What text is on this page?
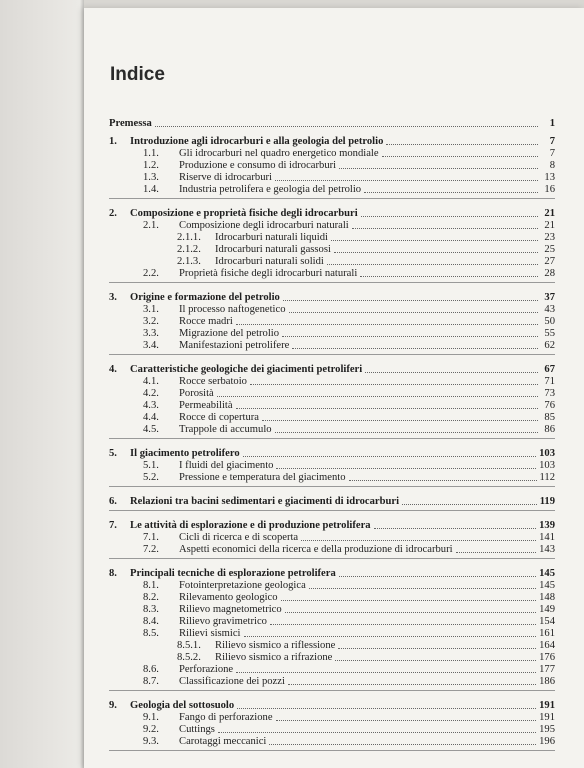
Indice
Premessa	1
1.	Introduzione agli idrocarburi e alla geologia del petrolio	7
1.1.	Gli idrocarburi nel quadro energetico mondiale	7
1.2.	Produzione e consumo di idrocarburi	8
1.3.	Riserve di idrocarburi	13
1.4.	Industria petrolifera e geologia del petrolio	16
2.	Composizione e proprietà fisiche degli idrocarburi	21
2.1.	Composizione degli idrocarburi naturali	21
2.1.1.	Idrocarburi naturali liquidi	23
2.1.2.	Idrocarburi naturali gassosi	25
2.1.3.	Idrocarburi naturali solidi	27
2.2.	Proprietà fisiche degli idrocarburi naturali	28
3.	Origine e formazione del petrolio	37
3.1.	Il processo naftogenetico	43
3.2.	Rocce madri	50
3.3.	Migrazione del petrolio	55
3.4.	Manifestazioni petrolifere	62
4.	Caratteristiche geologiche dei giacimenti petroliferi	67
4.1.	Rocce serbatoio	71
4.2.	Porosità	73
4.3.	Permeabilità	76
4.4.	Rocce di copertura	85
4.5.	Trappole di accumulo	86
5.	Il giacimento petrolifero	103
5.1.	I fluidi del giacimento	103
5.2.	Pressione e temperatura del giacimento	112
6.	Relazioni tra bacini sedimentari e giacimenti di idrocarburi	119
7.	Le attività di esplorazione e di produzione petrolifera	139
7.1.	Cicli di ricerca e di scoperta	141
7.2.	Aspetti economici della ricerca e della produzione di idrocarburi	143
8.	Principali tecniche di esplorazione petrolifera	145
8.1.	Fotointerpretazione geologica	145
8.2.	Rilevamento geologico	148
8.3.	Rilievo magnetometrico	149
8.4.	Rilievo gravimetrico	154
8.5.	Rilievi sismici	161
8.5.1.	Rilievo sismico a riflessione	164
8.5.2.	Rilievo sismico a rifrazione	176
8.6.	Perforazione	177
8.7.	Classificazione dei pozzi	186
9.	Geologia del sottosuolo	191
9.1.	Fango di perforazione	191
9.2.	Cuttings	195
9.3.	Carotaggi meccanici	196
